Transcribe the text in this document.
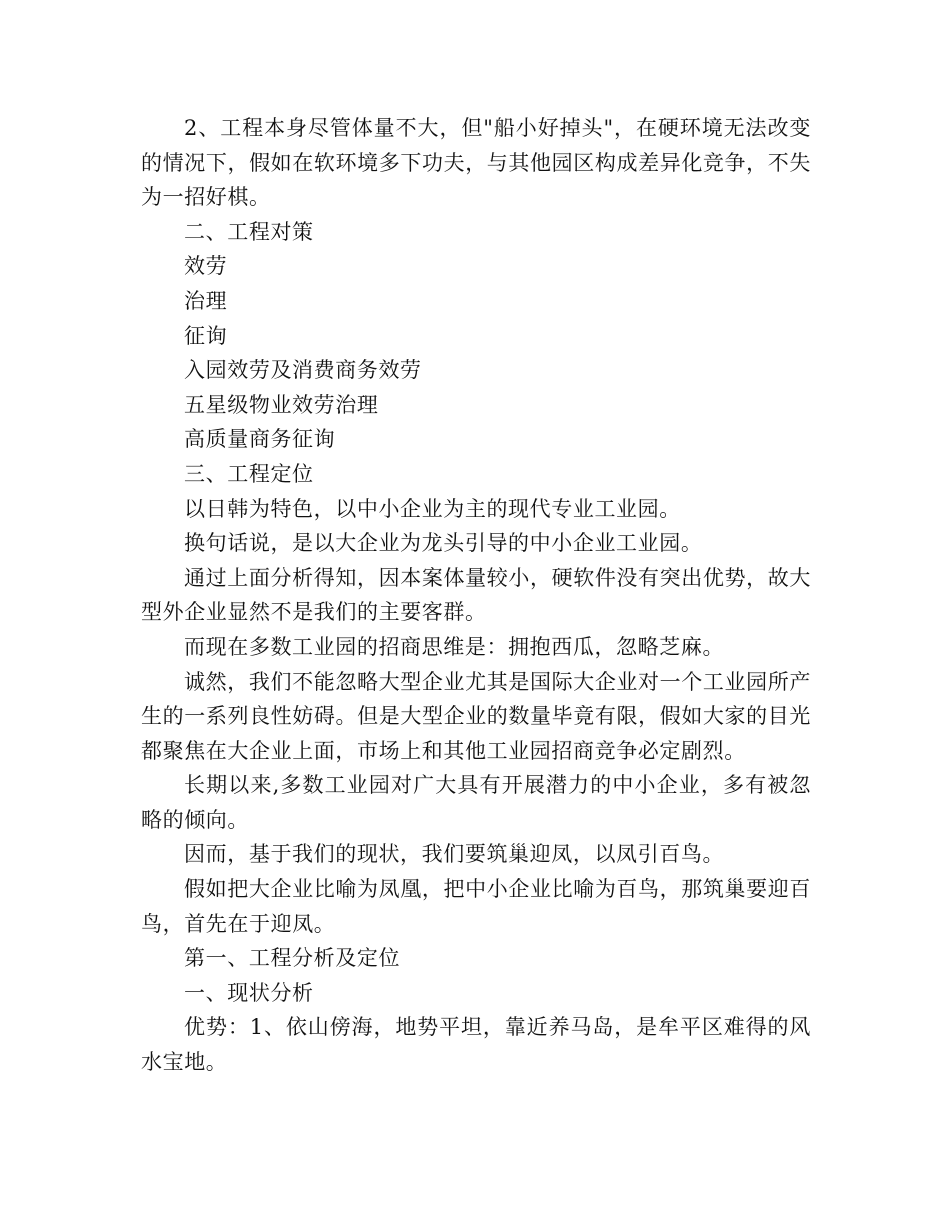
2、工程本身尽管体量不大，但"船小好掉头"，在硬环境无法改变的情况下，假如在软环境多下功夫，与其他园区构成差异化竞争，不失为一招好棋。

二、工程对策

效劳

治理

征询

入园效劳及消费商务效劳

五星级物业效劳治理

高质量商务征询

三、工程定位

以日韩为特色，以中小企业为主的现代专业工业园。

换句话说，是以大企业为龙头引导的中小企业工业园。

通过上面分析得知，因本案体量较小，硬软件没有突出优势，故大型外企业显然不是我们的主要客群。

而现在多数工业园的招商思维是：拥抱西瓜，忽略芝麻。

诚然，我们不能忽略大型企业尤其是国际大企业对一个工业园所产生的一系列良性妨碍。但是大型企业的数量毕竟有限，假如大家的目光都聚焦在大企业上面，市场上和其他工业园招商竞争必定剧烈。

长期以来,多数工业园对广大具有开展潜力的中小企业，多有被忽略的倾向。

因而，基于我们的现状，我们要筑巢迎凤，以凤引百鸟。

假如把大企业比喻为凤凰，把中小企业比喻为百鸟，那筑巢要迎百鸟，首先在于迎凤。

第一、工程分析及定位

一、现状分析

优势：1、依山傍海，地势平坦，靠近养马岛，是牟平区难得的风水宝地。
